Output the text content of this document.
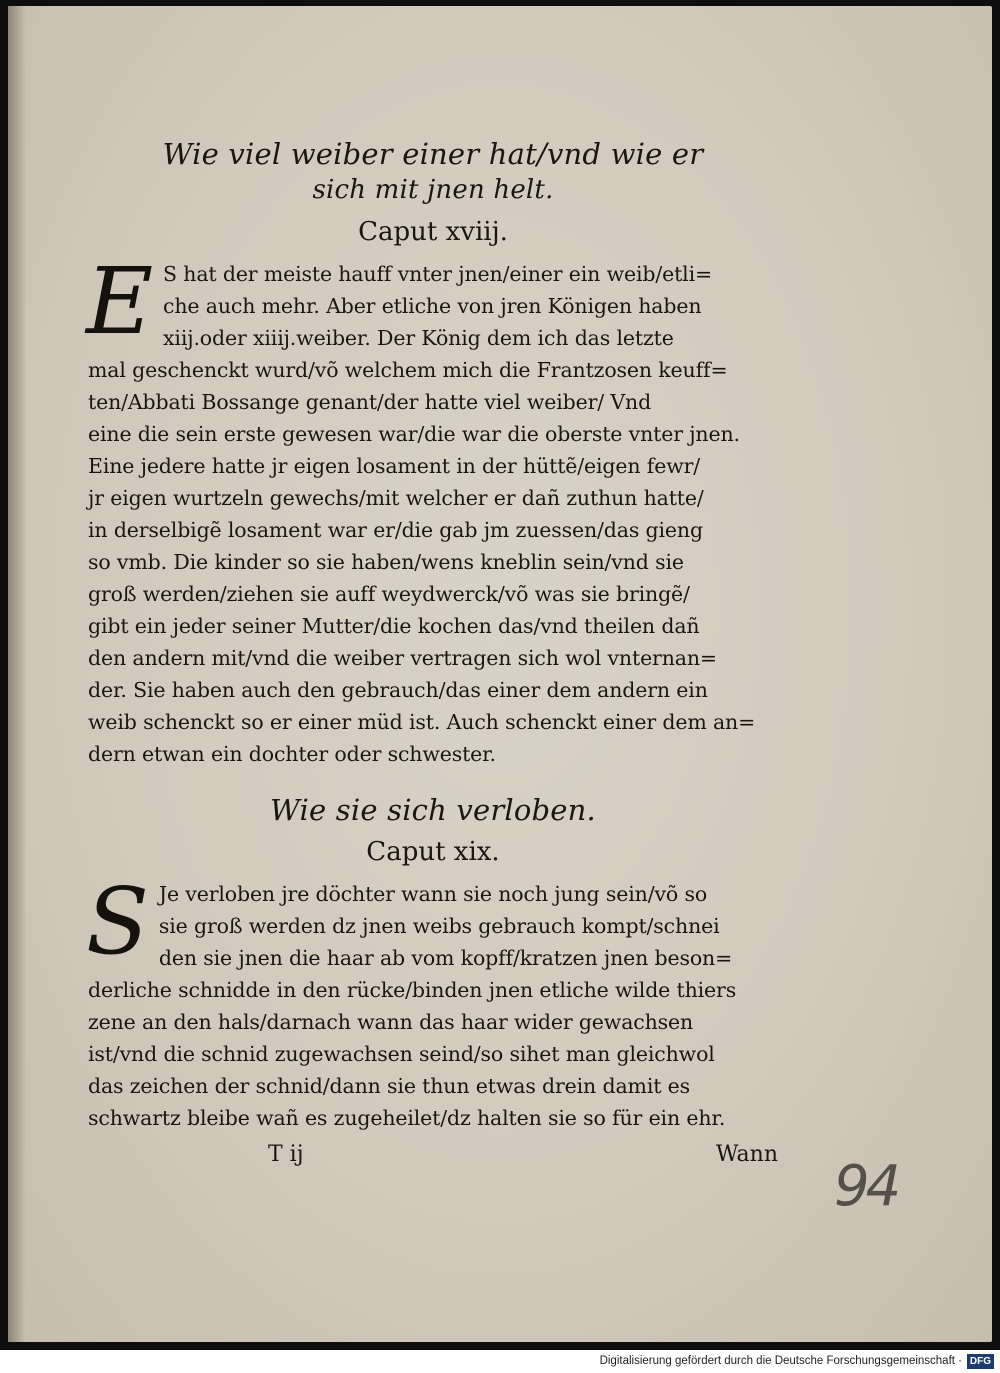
Wie viel weiber einer hat/vnd wie er

sich mit jnen helt.

Caput xviij.

E S hat der meiste hauff vnter jnen/einer ein weib/etli=
che auch mehr. Aber etliche von jren Königen haben
xiij.oder xiiij.weiber. Der König dem ich das letzte
mal geschenckt wurd/võ welchem mich die Frantzosen keuff=
ten/Abbati Bossange genant/der hatte viel weiber/ Vnd
eine die sein erste gewesen war/die war die oberste vnter jnen.
Eine jedere hatte jr eigen losament in der hüttẽ/eigen fewr/
jr eigen wurtzeln gewechs/mit welcher er dañ zuthun hatte/
in derselbigẽ losament war er/die gab jm zuessen/das gieng
so vmb. Die kinder so sie haben/wens kneblin sein/vnd sie
groß werden/ziehen sie auff weydwerck/võ was sie bringẽ/
gibt ein jeder seiner Mutter/die kochen das/vnd theilen dañ
den andern mit/vnd die weiber vertragen sich wol vnternan=
der. Sie haben auch den gebrauch/das einer dem andern ein
weib schenckt so er einer müd ist. Auch schenckt einer dem an=
dern etwan ein dochter oder schwester.

Wie sie sich verloben.

Caput xix.

S Je verloben jre döchter wann sie noch jung sein/võ so
sie groß werden dz jnen weibs gebrauch kompt/schnei
den sie jnen die haar ab vom kopff/kratzen jnen beson=
derliche schnidde in den rücke/binden jnen etliche wilde thiers
zene an den hals/darnach wann das haar wider gewachsen
ist/vnd die schnid zugewachsen seind/so sihet man gleichwol
das zeichen der schnid/dann sie thun etwas drein damit es
schwartz bleibe wañ es zugeheilet/dz halten sie so für ein ehr.
T ij	Wann 94
Digitalisierung gefördert durch die Deutsche Forschungsgemeinschaft · DFG
